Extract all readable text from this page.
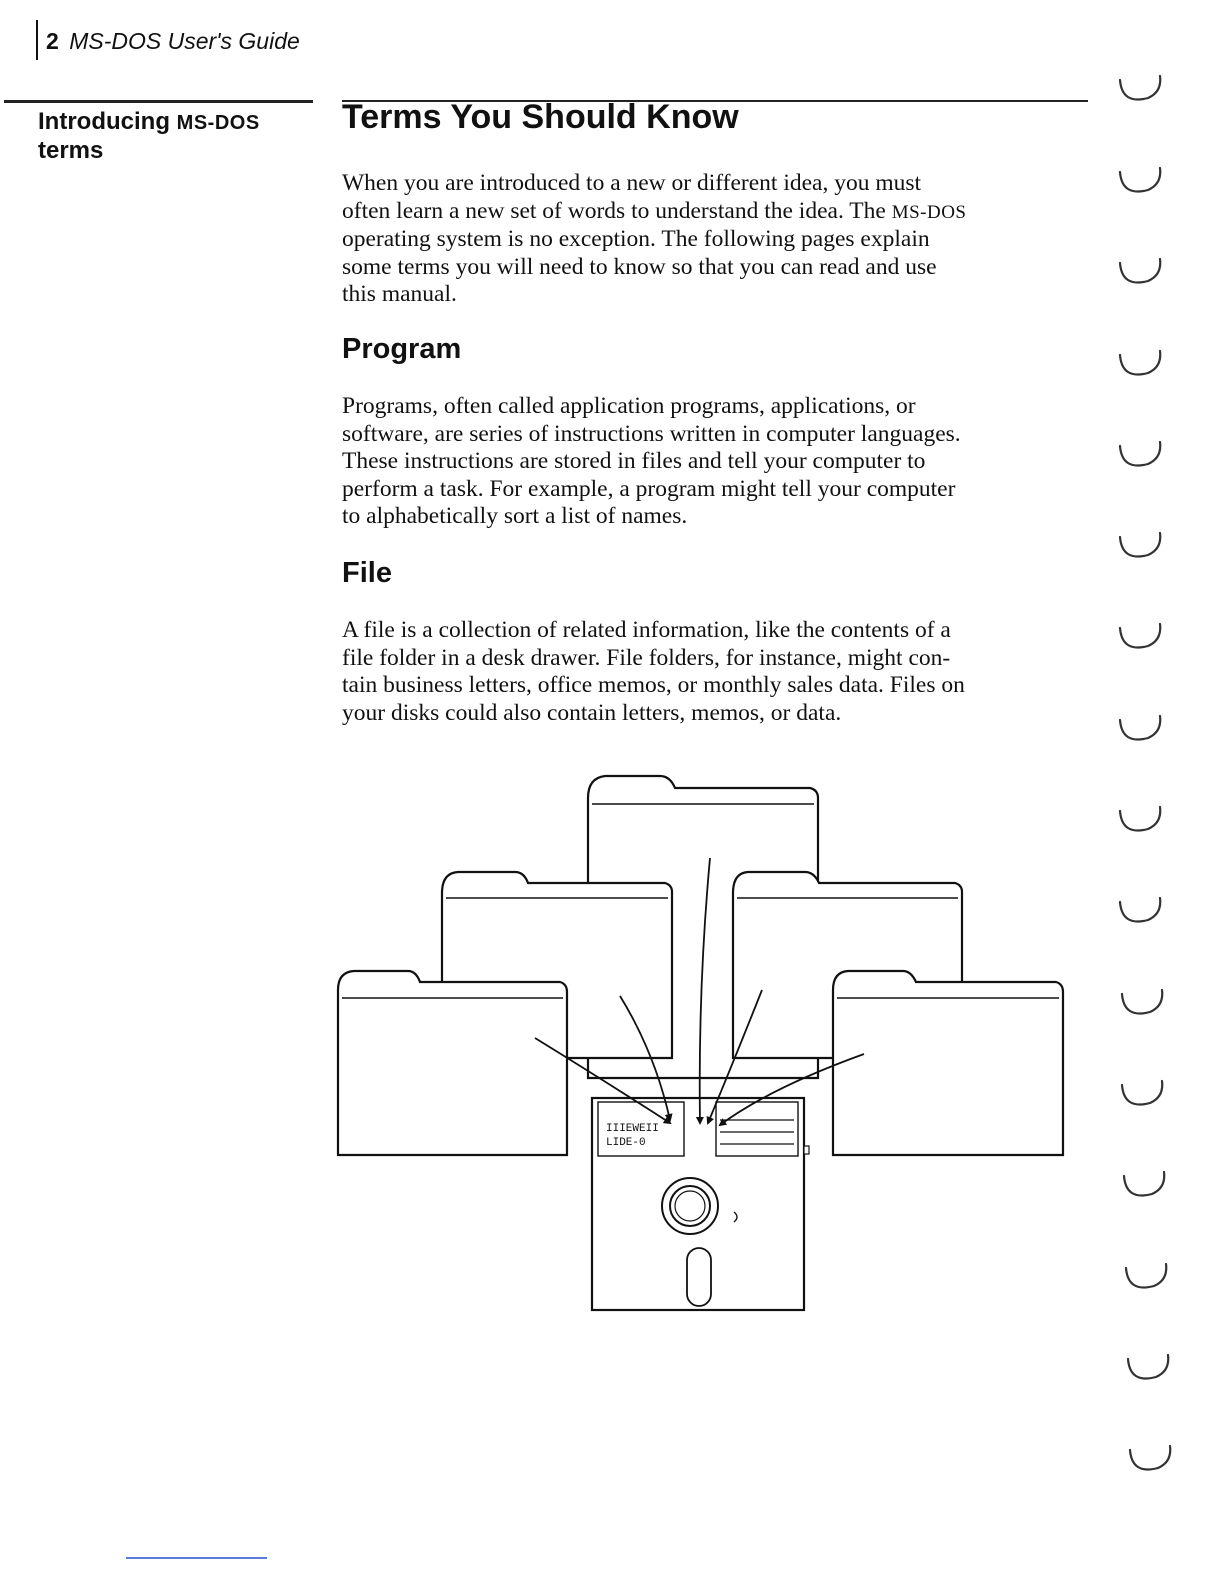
2 MS-DOS User's Guide
Introducing MS-DOS
terms
Terms You Should Know

When you are introduced to a new or different idea, you must
often learn a new set of words to understand the idea. The MS-DOS
operating system is no exception. The following pages explain
some terms you will need to know so that you can read and use
this manual.

Program

Programs, often called application programs, applications, or
software, are series of instructions written in computer languages.
These instructions are stored in files and tell your computer to
perform a task. For example, a program might tell your computer
to alphabetically sort a list of names.

File

A file is a collection of related information, like the contents of a
file folder in a desk drawer. File folders, for instance, might con-
tain business letters, office memos, or monthly sales data. Files on
your disks could also contain letters, memos, or data.

IIIEWEII
LIDE-0
